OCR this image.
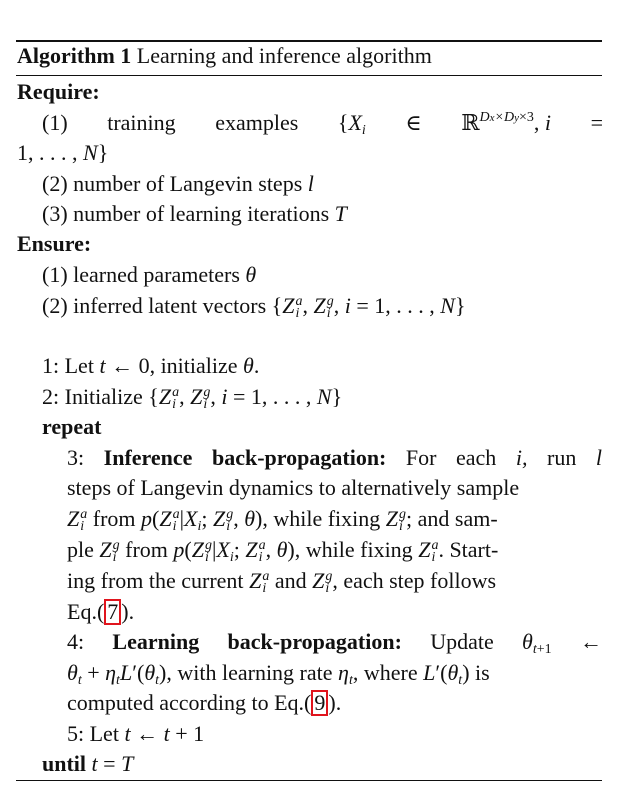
Algorithm 1 Learning and inference algorithm
Require:
(1) training examples {$X_i$ ∈ ℝ$^{Dx\times Dy\times 3}$, i =
1, . . . , N}
(2) number of Langevin steps l
(3) number of learning iterations T
Ensure:
(1) learned parameters θ
(2) inferred latent vectors {Z a
i , Z g
i , i = 1, . . . , N}
1: Let t ← 0, initialize θ.
2: Initialize {Z a
i , Z g
i , i = 1, . . . , N}
repeat
3: Inference back-propagation: For each i, run l
steps of Langevin dynamics to alternatively sample
Z a
i from p(Z a
i $|X_i$; Z g
i , θ), while fixing Z g
i ; and sam-
ple Z g
i from p(Z g
i $|X_i$; Z a
i , θ), while fixing Z a
i . Start-
ing from the current Z a
i and Z g
i , each step follows
Eq.( 7 ).
4: Learning back-propagation: Update $\theta_{t+1}$ ←
$\theta_t + \eta_tL'(\theta_t)$, with learning rate $\eta_t$, where $L'(\theta_t)$ is
computed according to Eq.( 9 ).
5: Let t ← t + 1
until t = T
